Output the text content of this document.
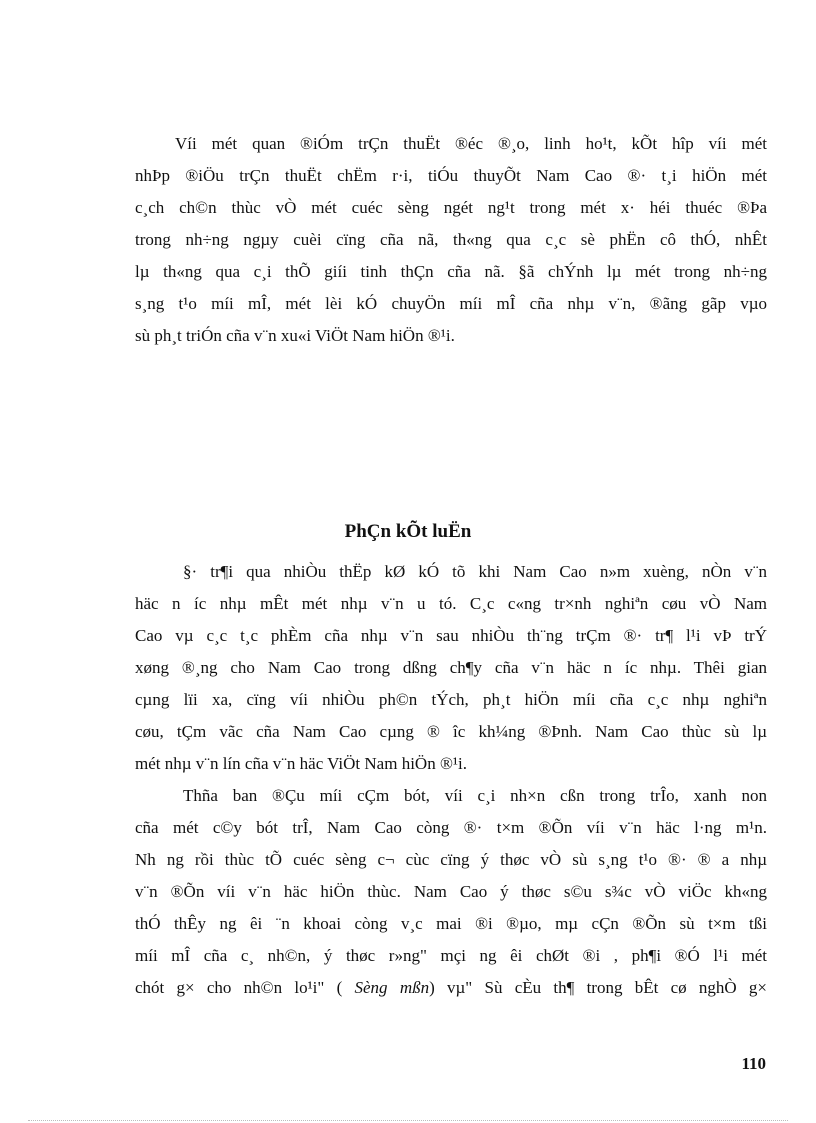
Víi mét quan ®iÓm trÇn thuËt ®éc ®¸o, linh ho¹t, kÕt hîp víi mét
nhÞp ®iÖu trÇn thuËt chËm r·i, tiÓu thuyÕt Nam Cao ®· t¸i hiÖn mét
c¸ch ch©n thùc vÒ mét cuéc sèng ngét ng¹t trong mét x· héi thuéc ®Þa
trong nh÷ng ngµy cuèi cïng cña nã, th«ng qua c¸c sè phËn cô thÓ, nhÊt
lµ th«ng qua c¸i thÕ giíi tinh thÇn cña nã. §ã chÝnh lµ mét trong nh÷ng
s¸ng t¹o míi mÎ, mét lèi kÓ chuyÖn míi mÎ cña nhµ v¨n, ®ãng gãp vµo
sù ph¸t triÓn cña v¨n xu«i ViÖt Nam hiÖn ®¹i.
PhÇn kÕt luËn
§· tr¶i qua nhiÒu thËp kØ kÓ tõ khi Nam Cao n»m xuèng, nÒn v¨n
häc n íc nhµ mÊt mét nhµ v¨n u tó. C¸c c«ng tr×nh nghiªn cøu vÒ Nam
Cao vµ c¸c t¸c phÈm cña nhµ v¨n sau nhiÒu th¨ng trÇm ®· tr¶ l¹i vÞ trÝ
xøng ®¸ng cho Nam Cao trong dßng ch¶y cña v¨n häc n íc nhµ. Thêi gian
cµng lïi xa, cïng víi nhiÒu ph©n tÝch, ph¸t hiÖn míi cña c¸c nhµ nghiªn
cøu, tÇm vãc cña Nam Cao cµng ® îc kh¼ng ®Þnh. Nam Cao thùc sù lµ
mét nhµ v¨n lín cña v¨n häc ViÖt Nam hiÖn ®¹i.
Thña ban ®Çu míi cÇm bót, víi c¸i nh×n cßn trong trÎo, xanh non
cña mét c©y bót trÎ, Nam Cao còng ®· t×m ®Õn víi v¨n häc l·ng m¹n.
Nh ng rồi thùc tÕ cuéc sèng c¬ cùc cïng ý thøc vÒ sù s¸ng t¹o ®· ® a nhµ
v¨n ®Õn víi v¨n häc hiÖn thùc. Nam Cao ý thøc s©u s¾c vÒ viÖc kh«ng
thÓ thÊy ng êi ¨n khoai còng v¸c mai ®i ®µo, mµ cÇn ®Õn sù t×m tßi
míi mÎ cña c¸ nh©n, ý thøc r»ng" mçi ng êi chØt ®i , ph¶i ®Ó l¹i mét
chót g× cho nh©n lo¹i" ( Sèng mßn) vµ" Sù cÈu th¶ trong bÊt cø nghÒ g×
110
